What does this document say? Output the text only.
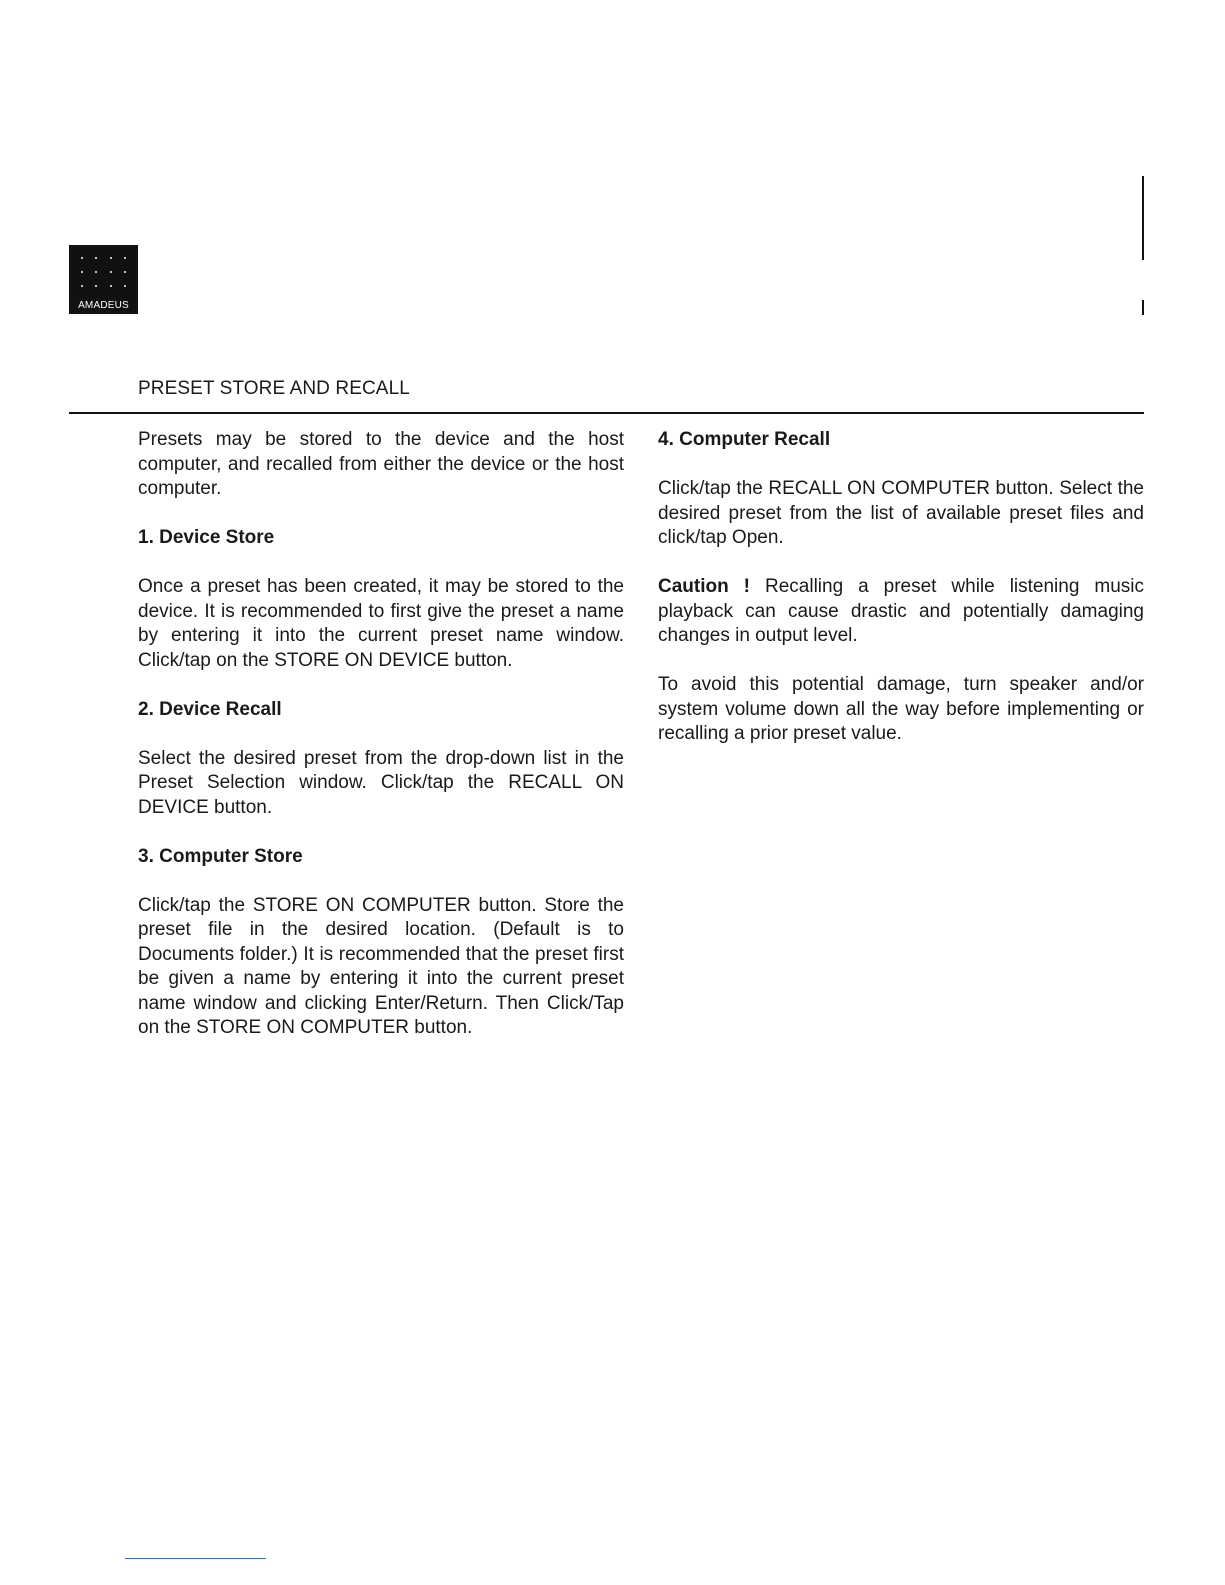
AMADEUS
PRESET STORE AND RECALL

Presets may be stored to the device and the host computer, and recalled from either the device or the host computer.

1. Device Store

Once a preset has been created, it may be stored to the device. It is recommended to first give the preset a name by entering it into the current preset name window. Click/tap on the STORE ON DEVICE button.

2. Device Recall

Select the desired preset from the drop-down list in the Preset Selection window. Click/tap the RECALL ON DEVICE button.

3. Computer Store

Click/tap the STORE ON COMPUTER button. Store the preset file in the desired location. (Default is to Documents folder.) It is recommended that the preset first be given a name by entering it into the current preset name window and clicking Enter/Return. Then Click/Tap on the STORE ON COMPUTER button.

4. Computer Recall

Click/tap the RECALL ON COMPUTER button. Select the desired preset from the list of available preset files and click/tap Open.

Caution ! Recalling a preset while listening music playback can cause drastic and potentially damaging changes in output level.

To avoid this potential damage, turn speaker and/or system volume down all the way before implementing or recalling a prior preset value.
